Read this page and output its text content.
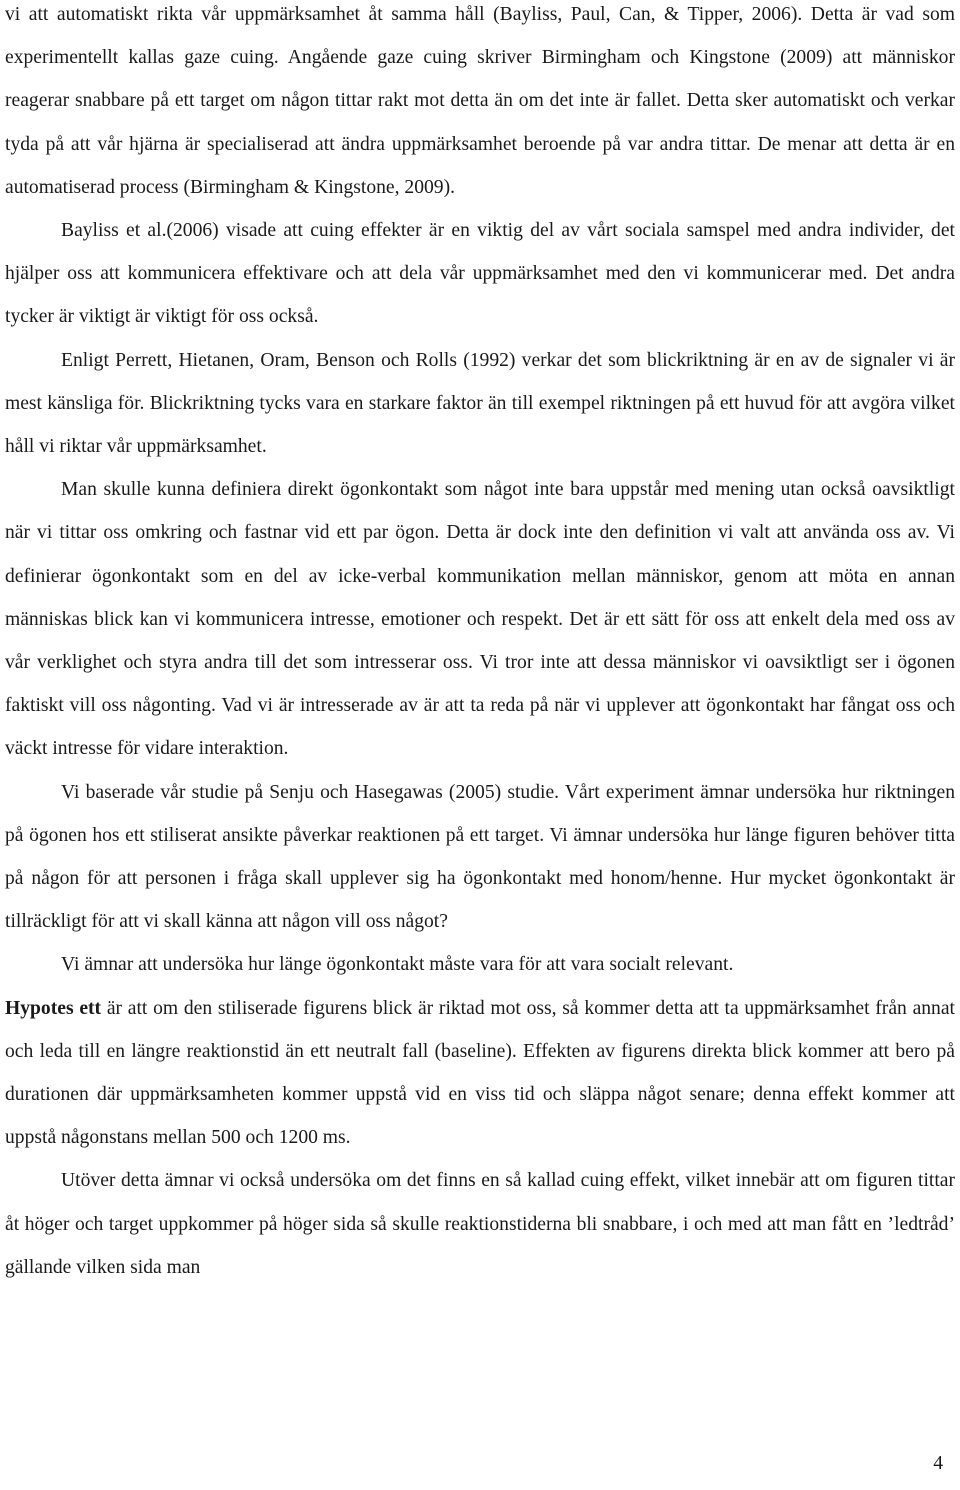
vi att automatiskt rikta vår uppmärksamhet åt samma håll (Bayliss, Paul, Can, & Tipper, 2006). Detta är vad som experimentellt kallas gaze cuing. Angående gaze cuing skriver Birmingham och Kingstone (2009) att människor reagerar snabbare på ett target om någon tittar rakt mot detta än om det inte är fallet. Detta sker automatiskt och verkar tyda på att vår hjärna är specialiserad att ändra uppmärksamhet beroende på var andra tittar. De menar att detta är en automatiserad process (Birmingham & Kingstone, 2009).

Bayliss et al.(2006) visade att cuing effekter är en viktig del av vårt sociala samspel med andra individer, det hjälper oss att kommunicera effektivare och att dela vår uppmärksamhet med den vi kommunicerar med. Det andra tycker är viktigt är viktigt för oss också.

Enligt Perrett, Hietanen, Oram, Benson och Rolls (1992) verkar det som blickriktning är en av de signaler vi är mest känsliga för. Blickriktning tycks vara en starkare faktor än till exempel riktningen på ett huvud för att avgöra vilket håll vi riktar vår uppmärksamhet.

Man skulle kunna definiera direkt ögonkontakt som något inte bara uppstår med mening utan också oavsiktligt när vi tittar oss omkring och fastnar vid ett par ögon. Detta är dock inte den definition vi valt att använda oss av. Vi definierar ögonkontakt som en del av icke-verbal kommunikation mellan människor, genom att möta en annan människas blick kan vi kommunicera intresse, emotioner och respekt. Det är ett sätt för oss att enkelt dela med oss av vår verklighet och styra andra till det som intresserar oss. Vi tror inte att dessa människor vi oavsiktligt ser i ögonen faktiskt vill oss någonting. Vad vi är intresserade av är att ta reda på när vi upplever att ögonkontakt har fångat oss och väckt intresse för vidare interaktion.

Vi baserade vår studie på Senju och Hasegawas (2005) studie. Vårt experiment ämnar undersöka hur riktningen på ögonen hos ett stiliserat ansikte påverkar reaktionen på ett target. Vi ämnar undersöka hur länge figuren behöver titta på någon för att personen i fråga skall upplever sig ha ögonkontakt med honom/henne. Hur mycket ögonkontakt är tillräckligt för att vi skall känna att någon vill oss något?

Vi ämnar att undersöka hur länge ögonkontakt måste vara för att vara socialt relevant.

Hypotes ett är att om den stiliserade figurens blick är riktad mot oss, så kommer detta att ta uppmärksamhet från annat och leda till en längre reaktionstid än ett neutralt fall (baseline). Effekten av figurens direkta blick kommer att bero på durationen där uppmärksamheten kommer uppstå vid en viss tid och släppa något senare; denna effekt kommer att uppstå någonstans mellan 500 och 1200 ms.

Utöver detta ämnar vi också undersöka om det finns en så kallad cuing effekt, vilket innebär att om figuren tittar åt höger och target uppkommer på höger sida så skulle reaktionstiderna bli snabbare, i och med att man fått en ’ledtråd’ gällande vilken sida man

4
